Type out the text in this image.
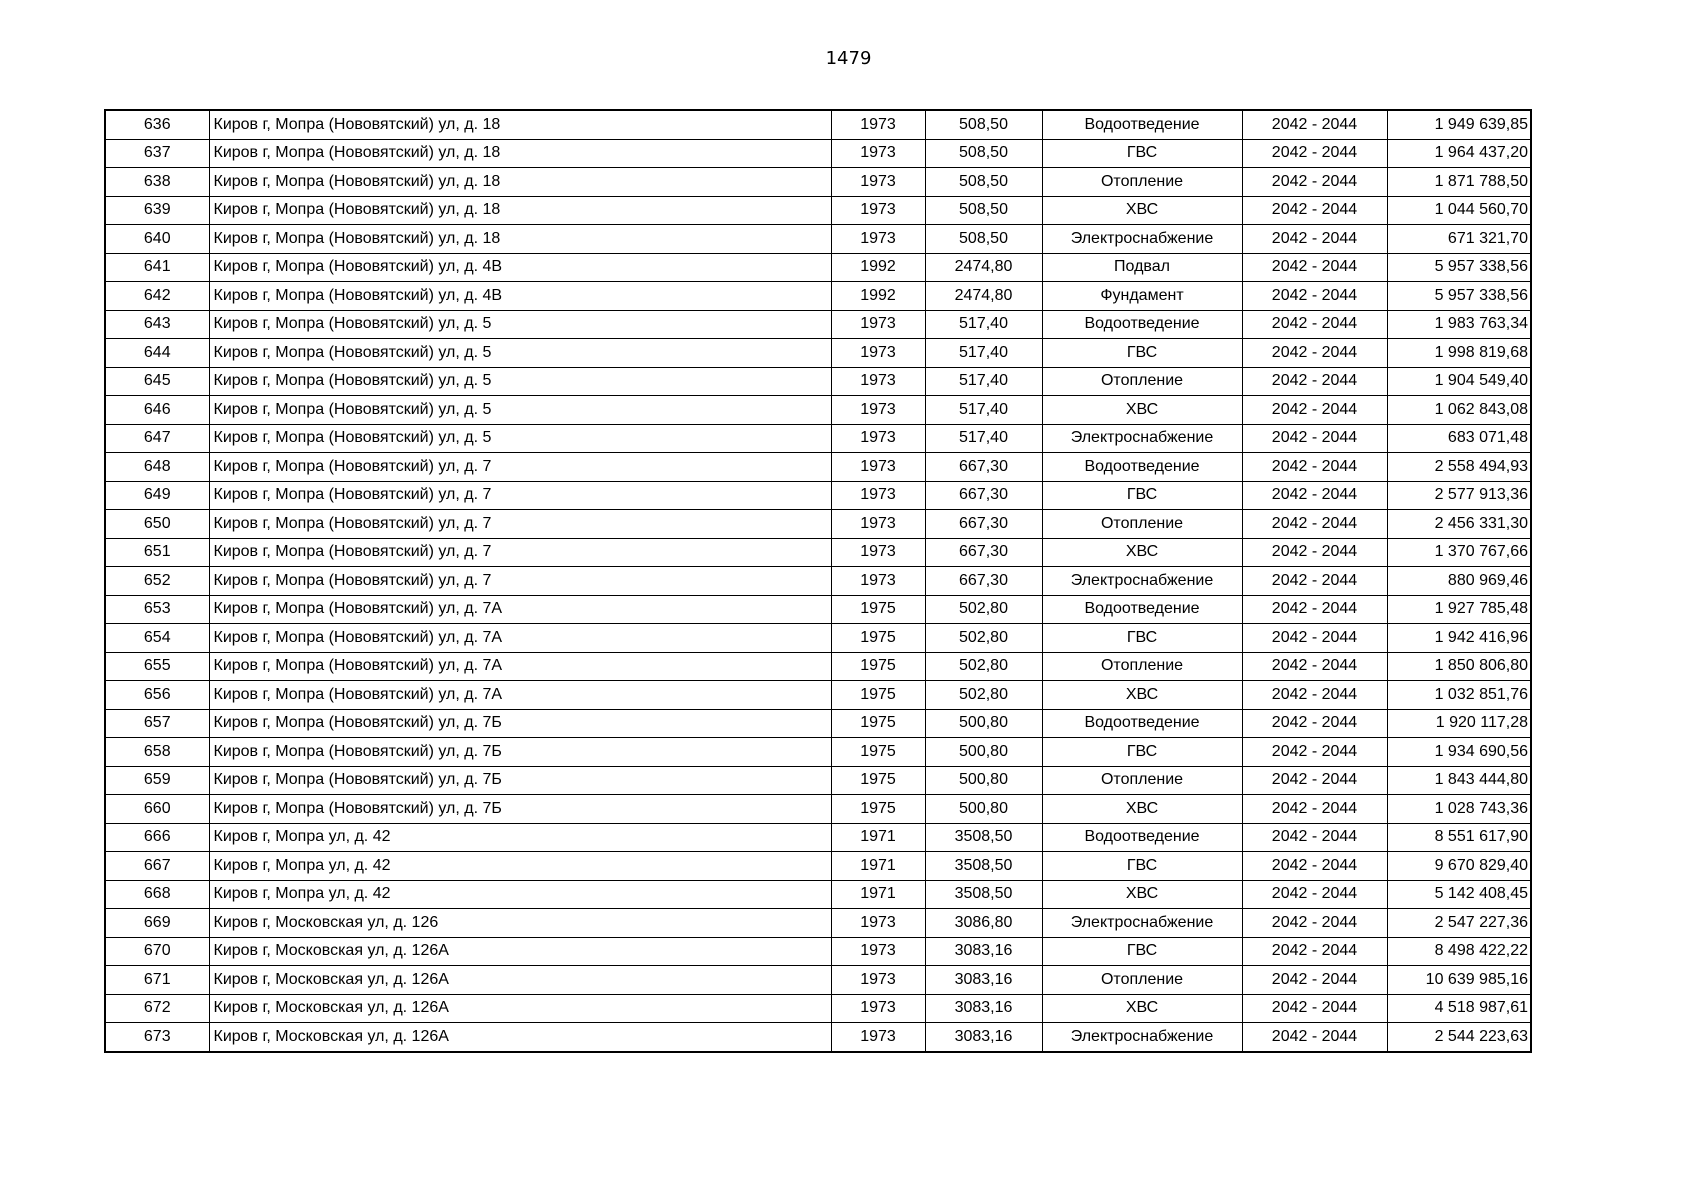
1479
636	Киров г, Мопра (Нововятский) ул, д. 18	1973	508,50	Водоотведение	2042 - 2044	1 949 639,85
637	Киров г, Мопра (Нововятский) ул, д. 18	1973	508,50	ГВС	2042 - 2044	1 964 437,20
638	Киров г, Мопра (Нововятский) ул, д. 18	1973	508,50	Отопление	2042 - 2044	1 871 788,50
639	Киров г, Мопра (Нововятский) ул, д. 18	1973	508,50	ХВС	2042 - 2044	1 044 560,70
640	Киров г, Мопра (Нововятский) ул, д. 18	1973	508,50	Электроснабжение	2042 - 2044	671 321,70
641	Киров г, Мопра (Нововятский) ул, д. 4В	1992	2474,80	Подвал	2042 - 2044	5 957 338,56
642	Киров г, Мопра (Нововятский) ул, д. 4В	1992	2474,80	Фундамент	2042 - 2044	5 957 338,56
643	Киров г, Мопра (Нововятский) ул, д. 5	1973	517,40	Водоотведение	2042 - 2044	1 983 763,34
644	Киров г, Мопра (Нововятский) ул, д. 5	1973	517,40	ГВС	2042 - 2044	1 998 819,68
645	Киров г, Мопра (Нововятский) ул, д. 5	1973	517,40	Отопление	2042 - 2044	1 904 549,40
646	Киров г, Мопра (Нововятский) ул, д. 5	1973	517,40	ХВС	2042 - 2044	1 062 843,08
647	Киров г, Мопра (Нововятский) ул, д. 5	1973	517,40	Электроснабжение	2042 - 2044	683 071,48
648	Киров г, Мопра (Нововятский) ул, д. 7	1973	667,30	Водоотведение	2042 - 2044	2 558 494,93
649	Киров г, Мопра (Нововятский) ул, д. 7	1973	667,30	ГВС	2042 - 2044	2 577 913,36
650	Киров г, Мопра (Нововятский) ул, д. 7	1973	667,30	Отопление	2042 - 2044	2 456 331,30
651	Киров г, Мопра (Нововятский) ул, д. 7	1973	667,30	ХВС	2042 - 2044	1 370 767,66
652	Киров г, Мопра (Нововятский) ул, д. 7	1973	667,30	Электроснабжение	2042 - 2044	880 969,46
653	Киров г, Мопра (Нововятский) ул, д. 7А	1975	502,80	Водоотведение	2042 - 2044	1 927 785,48
654	Киров г, Мопра (Нововятский) ул, д. 7А	1975	502,80	ГВС	2042 - 2044	1 942 416,96
655	Киров г, Мопра (Нововятский) ул, д. 7А	1975	502,80	Отопление	2042 - 2044	1 850 806,80
656	Киров г, Мопра (Нововятский) ул, д. 7А	1975	502,80	ХВС	2042 - 2044	1 032 851,76
657	Киров г, Мопра (Нововятский) ул, д. 7Б	1975	500,80	Водоотведение	2042 - 2044	1 920 117,28
658	Киров г, Мопра (Нововятский) ул, д. 7Б	1975	500,80	ГВС	2042 - 2044	1 934 690,56
659	Киров г, Мопра (Нововятский) ул, д. 7Б	1975	500,80	Отопление	2042 - 2044	1 843 444,80
660	Киров г, Мопра (Нововятский) ул, д. 7Б	1975	500,80	ХВС	2042 - 2044	1 028 743,36
666	Киров г, Мопра ул, д. 42	1971	3508,50	Водоотведение	2042 - 2044	8 551 617,90
667	Киров г, Мопра ул, д. 42	1971	3508,50	ГВС	2042 - 2044	9 670 829,40
668	Киров г, Мопра ул, д. 42	1971	3508,50	ХВС	2042 - 2044	5 142 408,45
669	Киров г, Московская ул, д. 126	1973	3086,80	Электроснабжение	2042 - 2044	2 547 227,36
670	Киров г, Московская ул, д. 126А	1973	3083,16	ГВС	2042 - 2044	8 498 422,22
671	Киров г, Московская ул, д. 126А	1973	3083,16	Отопление	2042 - 2044	10 639 985,16
672	Киров г, Московская ул, д. 126А	1973	3083,16	ХВС	2042 - 2044	4 518 987,61
673	Киров г, Московская ул, д. 126А	1973	3083,16	Электроснабжение	2042 - 2044	2 544 223,63
